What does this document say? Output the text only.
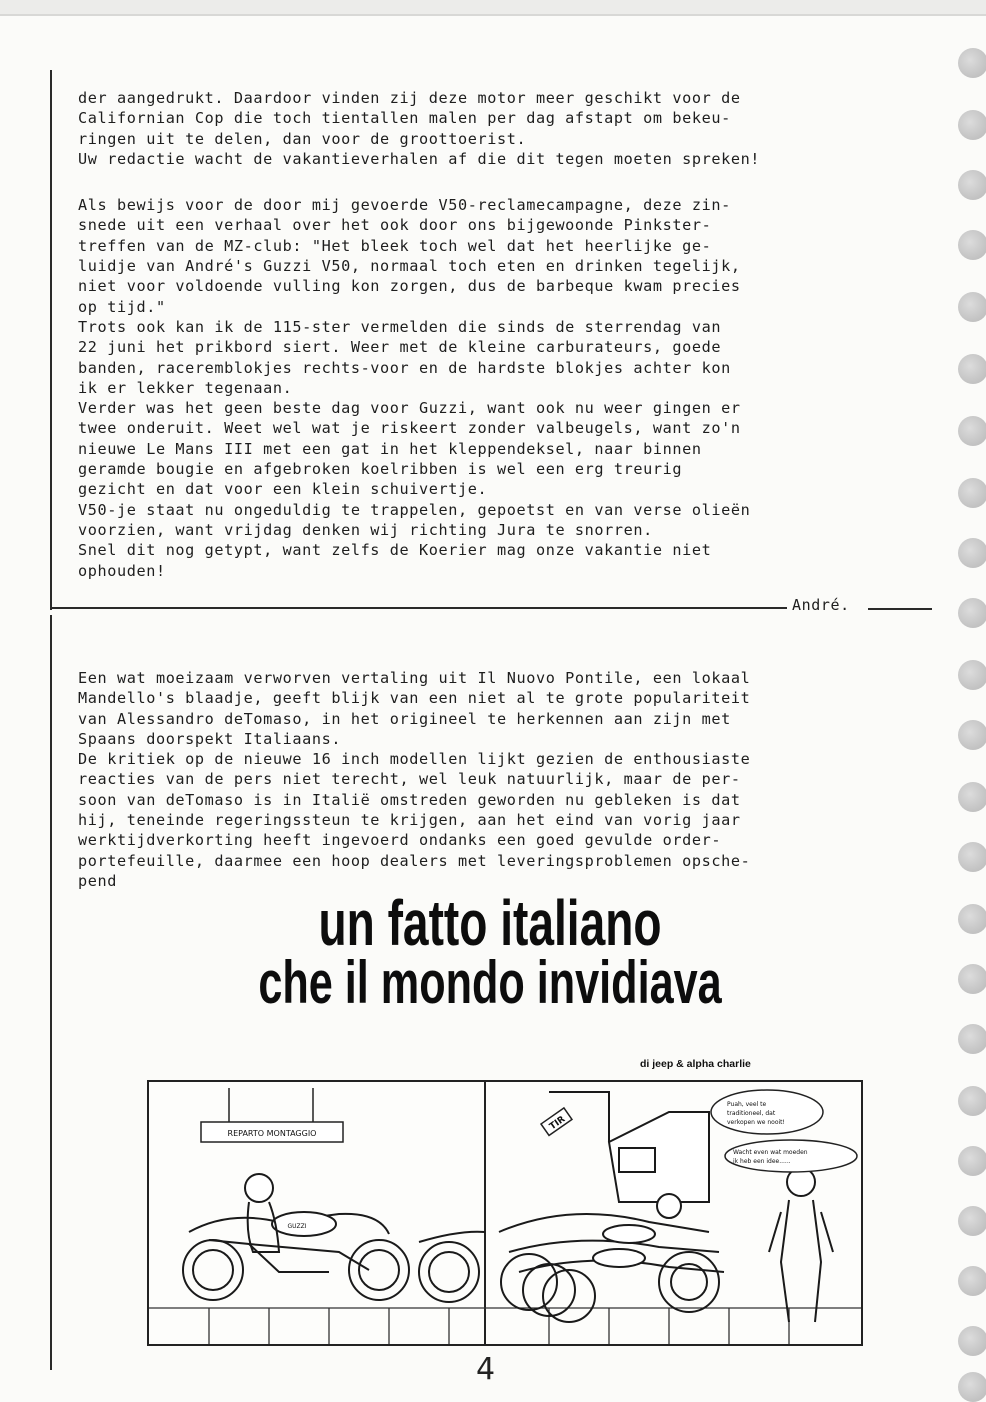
der aangedrukt. Daardoor vinden zij deze motor meer geschikt voor de

Californian Cop die toch tientallen malen per dag afstapt om bekeu-

ringen uit te delen, dan voor de groottoerist.

Uw redactie wacht de vakantieverhalen af die dit tegen moeten spreken!

Als bewijs voor de door mij gevoerde V50-reclamecampagne, deze zin-

snede uit een verhaal over het ook door ons bijgewoonde Pinkster-

treffen van de MZ-club: "Het bleek toch wel dat het heerlijke ge-

luidje van André's Guzzi V50, normaal toch eten en drinken tegelijk,

niet voor voldoende vulling kon zorgen, dus de barbeque kwam precies

op tijd."

Trots ook kan ik de 115-ster vermelden die sinds de sterrendag van

22 juni het prikbord siert. Weer met de kleine carburateurs, goede

banden, raceremblokjes rechts-voor en de hardste blokjes achter kon

ik er lekker tegenaan.

Verder was het geen beste dag voor Guzzi, want ook nu weer gingen er

twee onderuit. Weet wel wat je riskeert zonder valbeugels, want zo'n

nieuwe Le Mans III met een gat in het kleppendeksel, naar binnen

geramde bougie en afgebroken koelribben is wel een erg treurig

gezicht en dat voor een klein schuivertje.

V50-je staat nu ongeduldig te trappelen, gepoetst en van verse olieën

voorzien, want vrijdag denken wij richting Jura te snorren.

Snel dit nog getypt, want zelfs de Koerier mag onze vakantie niet

ophouden!

André.

Een wat moeizaam verworven vertaling uit Il Nuovo Pontile, een lokaal

Mandello's blaadje, geeft blijk van een niet al te grote populariteit

van Alessandro deTomaso, in het origineel te herkennen aan zijn met

Spaans doorspekt Italiaans.

De kritiek op de nieuwe 16 inch modellen lijkt gezien de enthousiaste

reacties van de pers niet terecht, wel leuk natuurlijk, maar de per-

soon van deTomaso is in Italië omstreden geworden nu gebleken is dat

hij, teneinde regeringssteun te krijgen, aan het eind van vorig jaar

werktijdverkorting heeft ingevoerd ondanks een goed gevulde order-

portefeuille, daarmee een hoop dealers met leveringsproblemen opsche-

pend

un fatto italiano
che il mondo invidiava
di jeep & alpha charlie
REPARTO MONTAGGIO
GUZZI
TIR
Puah, veel te
traditioneel, dat
verkopen we nooit!
Wacht even wat moeden
ik heb een idee......
4
